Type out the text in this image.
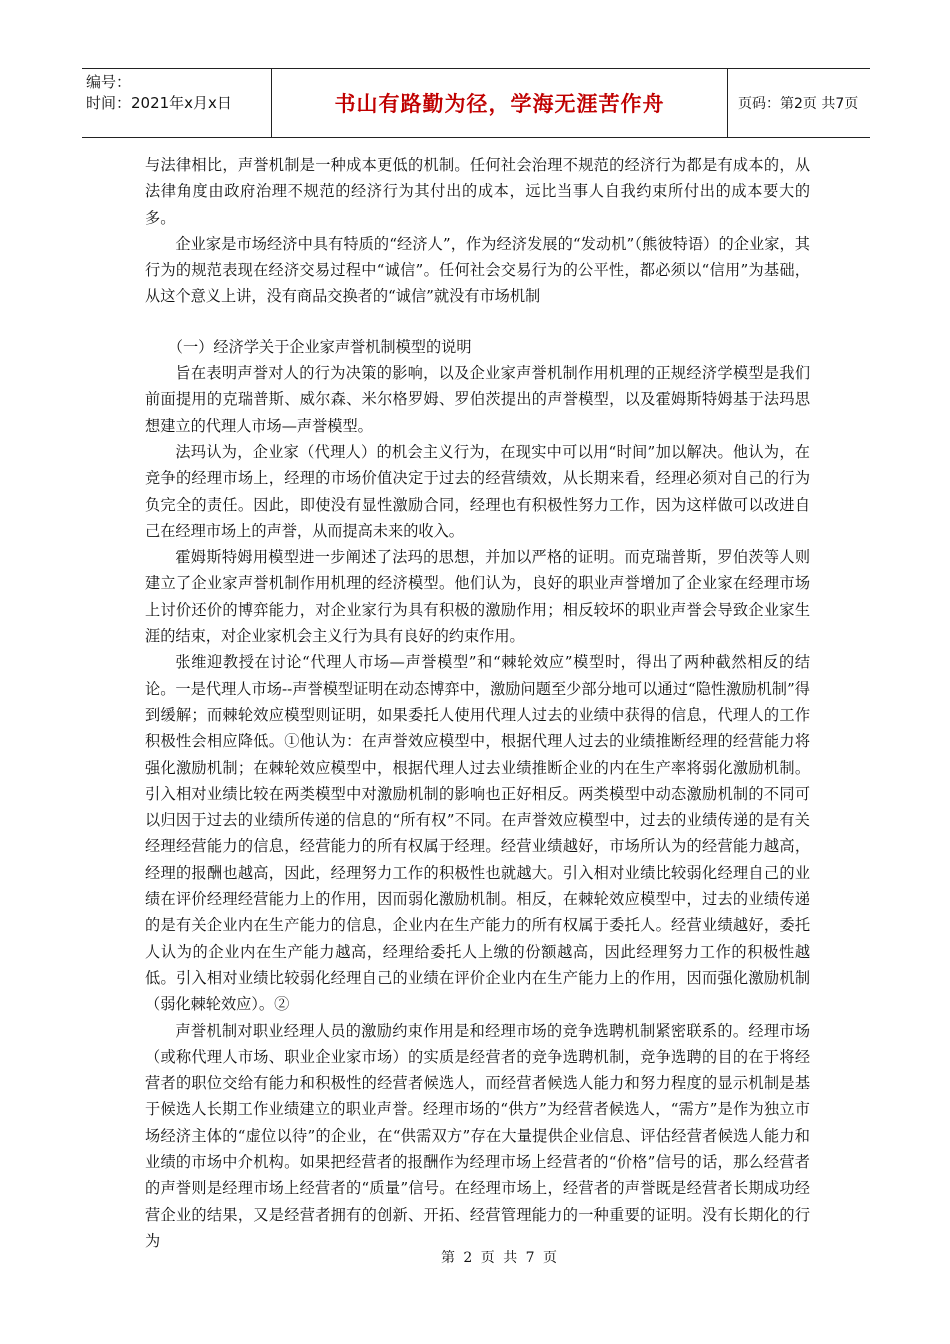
编号：
时间：2021年x月x日	书山有路勤为径，学海无涯苦作舟	页码：第2页 共7页

与法律相比，声誉机制是一种成本更低的机制。任何社会治理不规范的经济行为都是有成本的，从法律角度由政府治理不规范的经济行为其付出的成本，远比当事人自我约束所付出的成本要大的多。

企业家是市场经济中具有特质的“经济人”，作为经济发展的“发动机”（熊彼特语）的企业家，其行为的规范表现在经济交易过程中“诚信”。任何社会交易行为的公平性，都必须以“信用”为基础，从这个意义上讲，没有商品交换者的“诚信”就没有市场机制

（一）经济学关于企业家声誉机制模型的说明

旨在表明声誉对人的行为决策的影响，以及企业家声誉机制作用机理的正规经济学模型是我们前面提用的克瑞普斯、威尔森、米尔格罗姆、罗伯茨提出的声誉模型，以及霍姆斯特姆基于法玛思想建立的代理人市场—声誉模型。

法玛认为，企业家（代理人）的机会主义行为，在现实中可以用“时间”加以解决。他认为，在竞争的经理市场上，经理的市场价值决定于过去的经营绩效，从长期来看，经理必须对自己的行为负完全的责任。因此，即使没有显性激励合同，经理也有积极性努力工作，因为这样做可以改进自己在经理市场上的声誉，从而提高未来的收入。

霍姆斯特姆用模型进一步阐述了法玛的思想，并加以严格的证明。而克瑞普斯，罗伯茨等人则建立了企业家声誉机制作用机理的经济模型。他们认为，良好的职业声誉增加了企业家在经理市场上讨价还价的博弈能力，对企业家行为具有积极的激励作用；相反较坏的职业声誉会导致企业家生涯的结束，对企业家机会主义行为具有良好的约束作用。

张维迎教授在讨论“代理人市场—声誉模型”和“棘轮效应”模型时，得出了两种截然相反的结论。一是代理人市场--声誉模型证明在动态博弈中，激励问题至少部分地可以通过“隐性激励机制”得到缓解；而棘轮效应模型则证明，如果委托人使用代理人过去的业绩中获得的信息，代理人的工作积极性会相应降低。①他认为：在声誉效应模型中，根据代理人过去的业绩推断经理的经营能力将强化激励机制；在棘轮效应模型中，根据代理人过去业绩推断企业的内在生产率将弱化激励机制。引入相对业绩比较在两类模型中对激励机制的影响也正好相反。两类模型中动态激励机制的不同可以归因于过去的业绩所传递的信息的“所有权”不同。在声誉效应模型中，过去的业绩传递的是有关经理经营能力的信息，经营能力的所有权属于经理。经营业绩越好，市场所认为的经营能力越高，经理的报酬也越高，因此，经理努力工作的积极性也就越大。引入相对业绩比较弱化经理自己的业绩在评价经理经营能力上的作用，因而弱化激励机制。相反，在棘轮效应模型中，过去的业绩传递的是有关企业内在生产能力的信息，企业内在生产能力的所有权属于委托人。经营业绩越好，委托人认为的企业内在生产能力越高，经理给委托人上缴的份额越高，因此经理努力工作的积极性越低。引入相对业绩比较弱化经理自己的业绩在评价企业内在生产能力上的作用，因而强化激励机制（弱化棘轮效应）。②

声誉机制对职业经理人员的激励约束作用是和经理市场的竞争选聘机制紧密联系的。经理市场（或称代理人市场、职业企业家市场）的实质是经营者的竞争选聘机制，竞争选聘的目的在于将经营者的职位交给有能力和积极性的经营者候选人，而经营者候选人能力和努力程度的显示机制是基于候选人长期工作业绩建立的职业声誉。经理市场的“供方”为经营者候选人，“需方”是作为独立市场经济主体的“虚位以待”的企业，在“供需双方”存在大量提供企业信息、评估经营者候选人能力和业绩的市场中介机构。如果把经营者的报酬作为经理市场上经营者的“价格”信号的话，那么经营者的声誉则是经理市场上经营者的“质量”信号。在经理市场上，经营者的声誉既是经营者长期成功经营企业的结果，又是经营者拥有的创新、开拓、经营管理能力的一种重要的证明。没有长期化的行为

第 2 页 共 7 页
